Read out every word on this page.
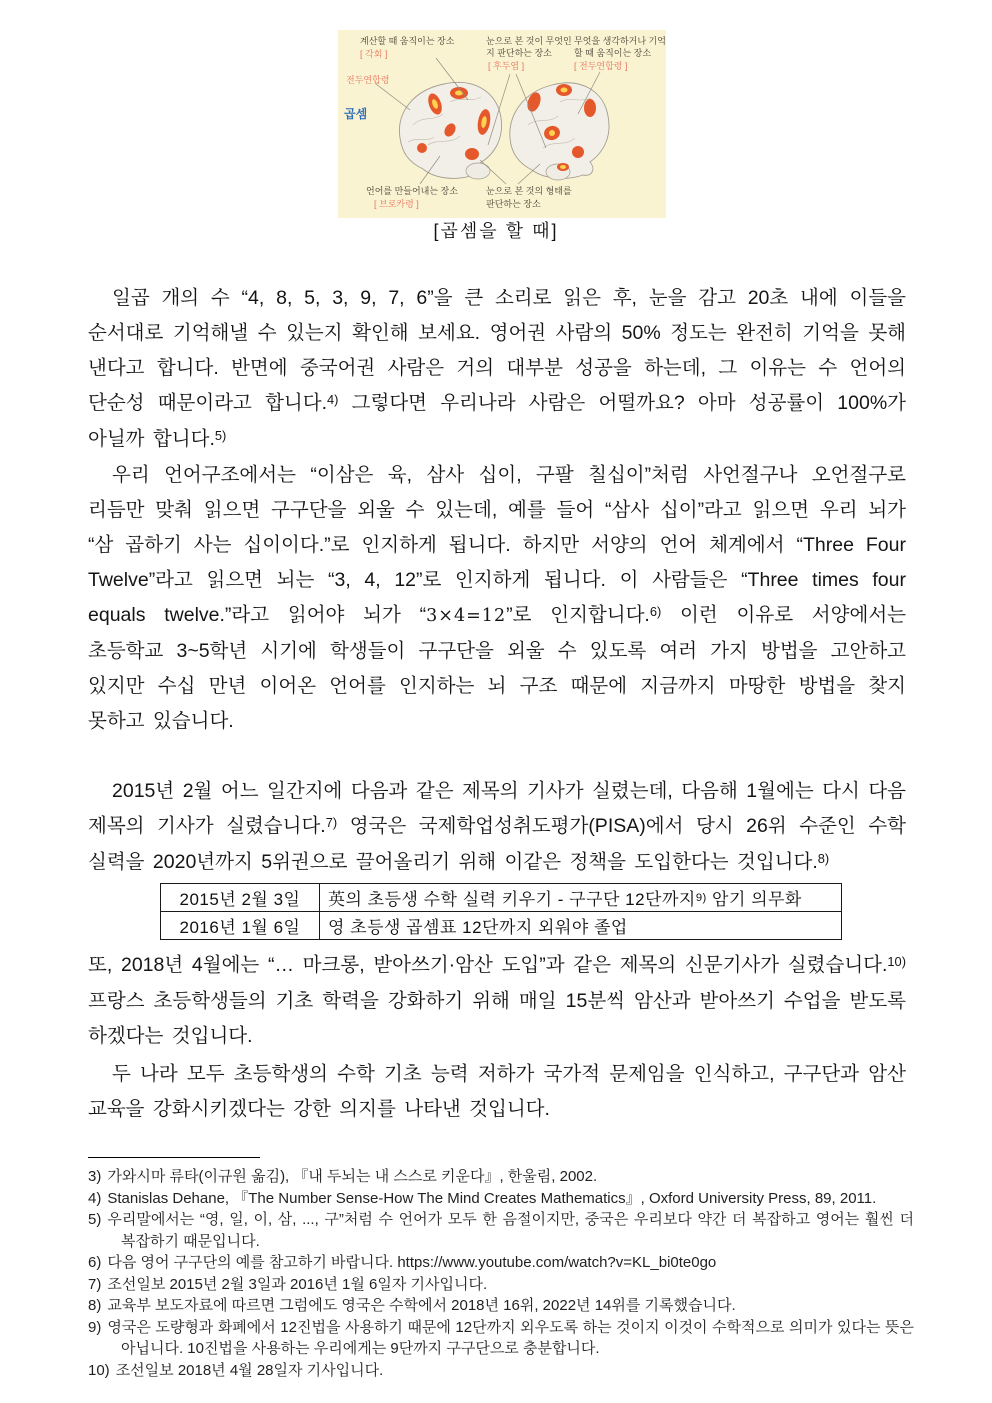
계산할 때 움직이는 장소
[ 각회 ]
전두연합령
곱셈
눈으로 본 것이 무엇인
지 판단하는 장소
[ 후두엽 ]
무엇을 생각하거나 기억
할 때 움직이는 장소
[ 전두연합령 ]
언어를 만들어내는 장소
[ 브로카령 ]
눈으로 본 것의 형태를
판단하는 장소
[곱셈을 할 때]

일곱 개의 수 “4, 8, 5, 3, 9, 7, 6”을 큰 소리로 읽은 후, 눈을 감고 20초 내에 이들을 순서대로 기억해낼 수 있는지 확인해 보세요. 영어권 사람의 50% 정도는 완전히 기억을 못해 낸다고 합니다. 반면에 중국어권 사람은 거의 대부분 성공을 하는데, 그 이유는 수 언어의 단순성 때문이라고 합니다.$^{4)}$ 그렇다면 우리나라 사람은 어떨까요? 아마 성공률이 100%가 아닐까 합니다.$^{5)}$

우리 언어구조에서는 “이삼은 육, 삼사 십이, 구팔 칠십이”처럼 사언절구나 오언절구로 리듬만 맞춰 읽으면 구구단을 외울 수 있는데, 예를 들어 “삼사 십이”라고 읽으면 우리 뇌가 “삼 곱하기 사는 십이이다.”로 인지하게 됩니다. 하지만 서양의 언어 체계에서 “Three Four Twelve”라고 읽으면 뇌는 “3, 4, 12”로 인지하게 됩니다. 이 사람들은 “Three times four equals twelve.”라고 읽어야 뇌가 “3×4=12”로 인지합니다.$^{6)}$ 이런 이유로 서양에서는 초등학교 3~5학년 시기에 학생들이 구구단을 외울 수 있도록 여러 가지 방법을 고안하고 있지만 수십 만년 이어온 언어를 인지하는 뇌 구조 때문에 지금까지 마땅한 방법을 찾지 못하고 있습니다.

2015년 2월 어느 일간지에 다음과 같은 제목의 기사가 실렸는데, 다음해 1월에는 다시 다음 제목의 기사가 실렸습니다.$^{7)}$ 영국은 국제학업성취도평가(PISA)에서 당시 26위 수준인 수학 실력을 2020년까지 5위권으로 끌어올리기 위해 이같은 정책을 도입한다는 것입니다.$^{8)}$

2015년 2월 3일	英의 초등생 수학 실력 키우기 - 구구단 12단까지$^{9)}$ 암기 의무화
2016년 1월 6일	영 초등생 곱셈표 12단까지 외워야 졸업

또, 2018년 4월에는 “… 마크롱, 받아쓰기·암산 도입”과 같은 제목의 신문기사가 실렸습니다.$^{10)}$ 프랑스 초등학생들의 기초 학력을 강화하기 위해 매일 15분씩 암산과 받아쓰기 수업을 받도록 하겠다는 것입니다.

두 나라 모두 초등학생의 수학 기초 능력 저하가 국가적 문제임을 인식하고, 구구단과 암산 교육을 강화시키겠다는 강한 의지를 나타낸 것입니다.

3) 가와시마 류타(이규원 옮김), 『내 두뇌는 내 스스로 키운다』, 한울림, 2002.
4) Stanislas Dehane, 『The Number Sense-How The Mind Creates Mathematics』, Oxford University Press, 89, 2011.
5) 우리말에서는 “영, 일, 이, 삼, ..., 구”처럼 수 언어가 모두 한 음절이지만, 중국은 우리보다 약간 더 복잡하고 영어는 훨씬 더 복잡하기 때문입니다.
6) 다음 영어 구구단의 예를 참고하기 바랍니다. https://www.youtube.com/watch?v=KL_bi0te0go
7) 조선일보 2015년 2월 3일과 2016년 1월 6일자 기사입니다.
8) 교육부 보도자료에 따르면 그럼에도 영국은 수학에서 2018년 16위, 2022년 14위를 기록했습니다.
9) 영국은 도량형과 화폐에서 12진법을 사용하기 때문에 12단까지 외우도록 하는 것이지 이것이 수학적으로 의미가 있다는 뜻은 아닙니다. 10진법을 사용하는 우리에게는 9단까지 구구단으로 충분합니다.
10) 조선일보 2018년 4월 28일자 기사입니다.
